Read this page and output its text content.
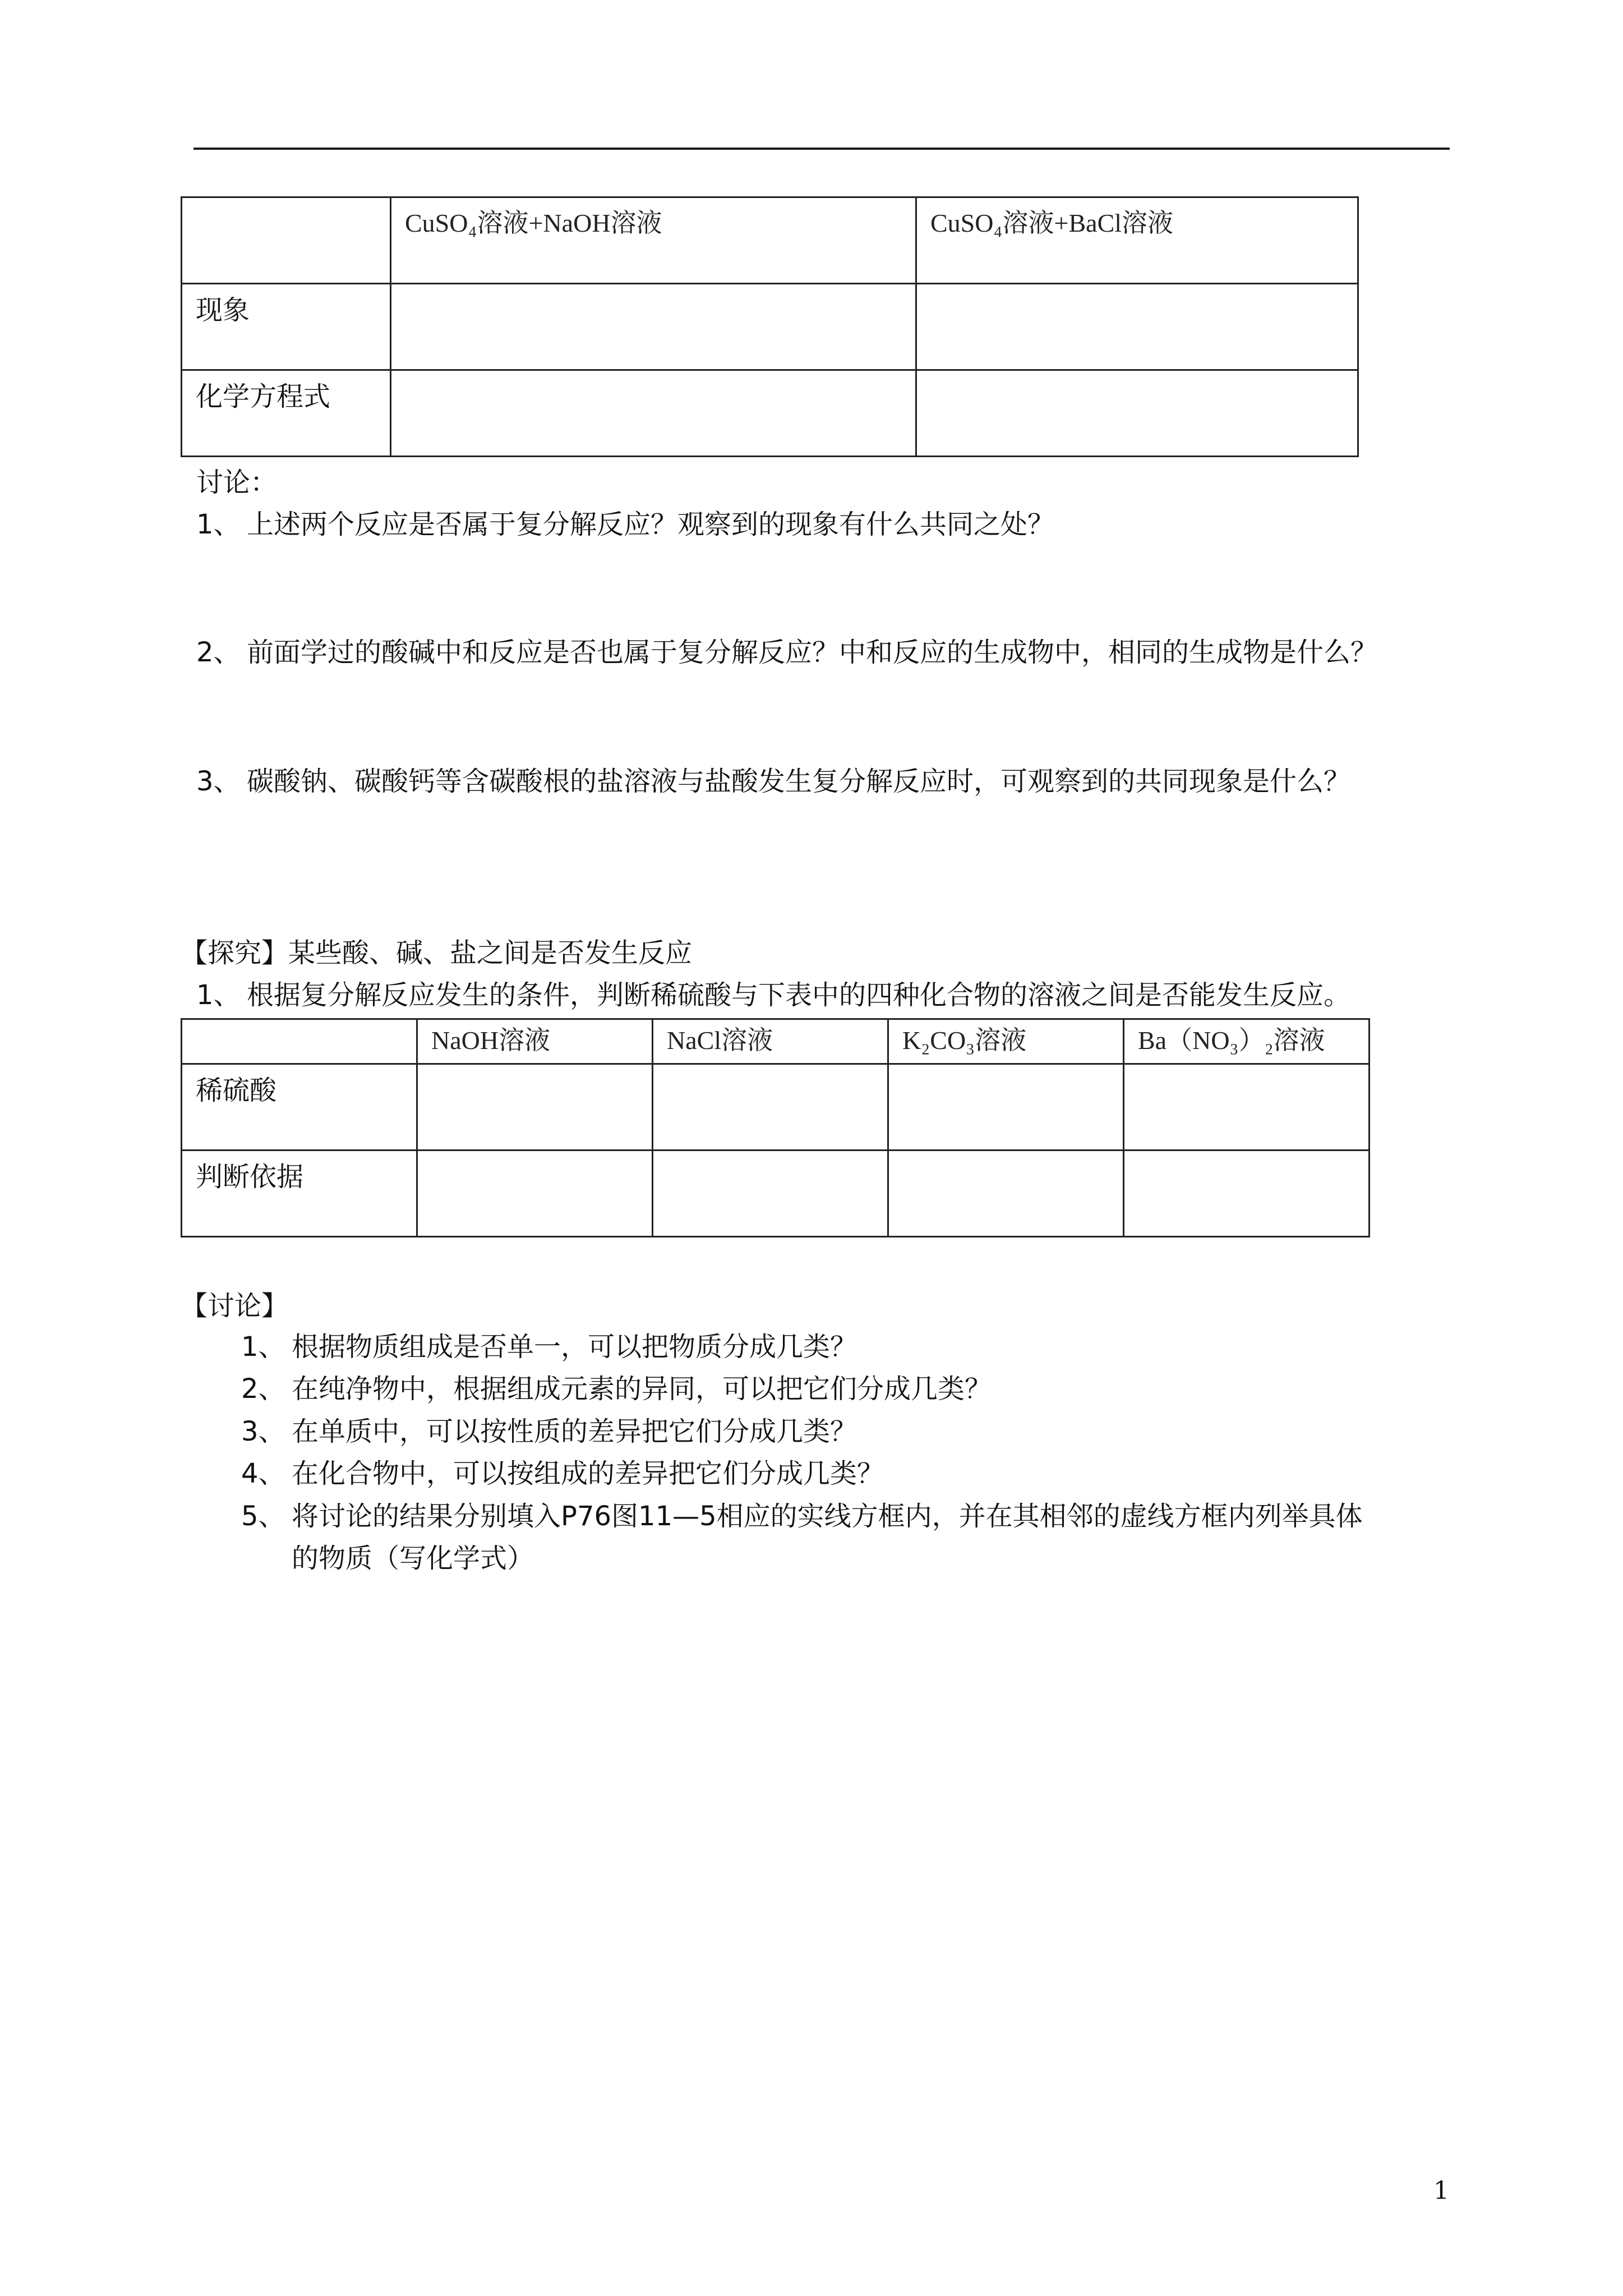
	CuSO₄溶液+NaOH溶液	CuSO₄溶液+BaCl溶液

现象		

化学方程式		

讨论：
1、 上述两个反应是否属于复分解反应？观察到的现象有什么共同之处？
2、 前面学过的酸碱中和反应是否也属于复分解反应？中和反应的生成物中，相同的生成物是什么？
3、 碳酸钠、碳酸钙等含碳酸根的盐溶液与盐酸发生复分解反应时，可观察到的共同现象是什么？
【探究】某些酸、碱、盐之间是否发生反应
1、 根据复分解反应发生的条件，判断稀硫酸与下表中的四种化合物的溶液之间是否能发生反应。

	NaOH溶液	NaCl溶液	K₂CO₃溶液	Ba（NO₃）₂溶液

稀硫酸				

判断依据				

【讨论】
1、 根据物质组成是否单一，可以把物质分成几类？
2、 在纯净物中，根据组成元素的异同，可以把它们分成几类？
3、 在单质中，可以按性质的差异把它们分成几类？
4、 在化合物中，可以按组成的差异把它们分成几类？
5、 将讨论的结果分别填入P76图11—5相应的实线方框内，并在其相邻的虚线方框内列举具体
的物质（写化学式）
1
